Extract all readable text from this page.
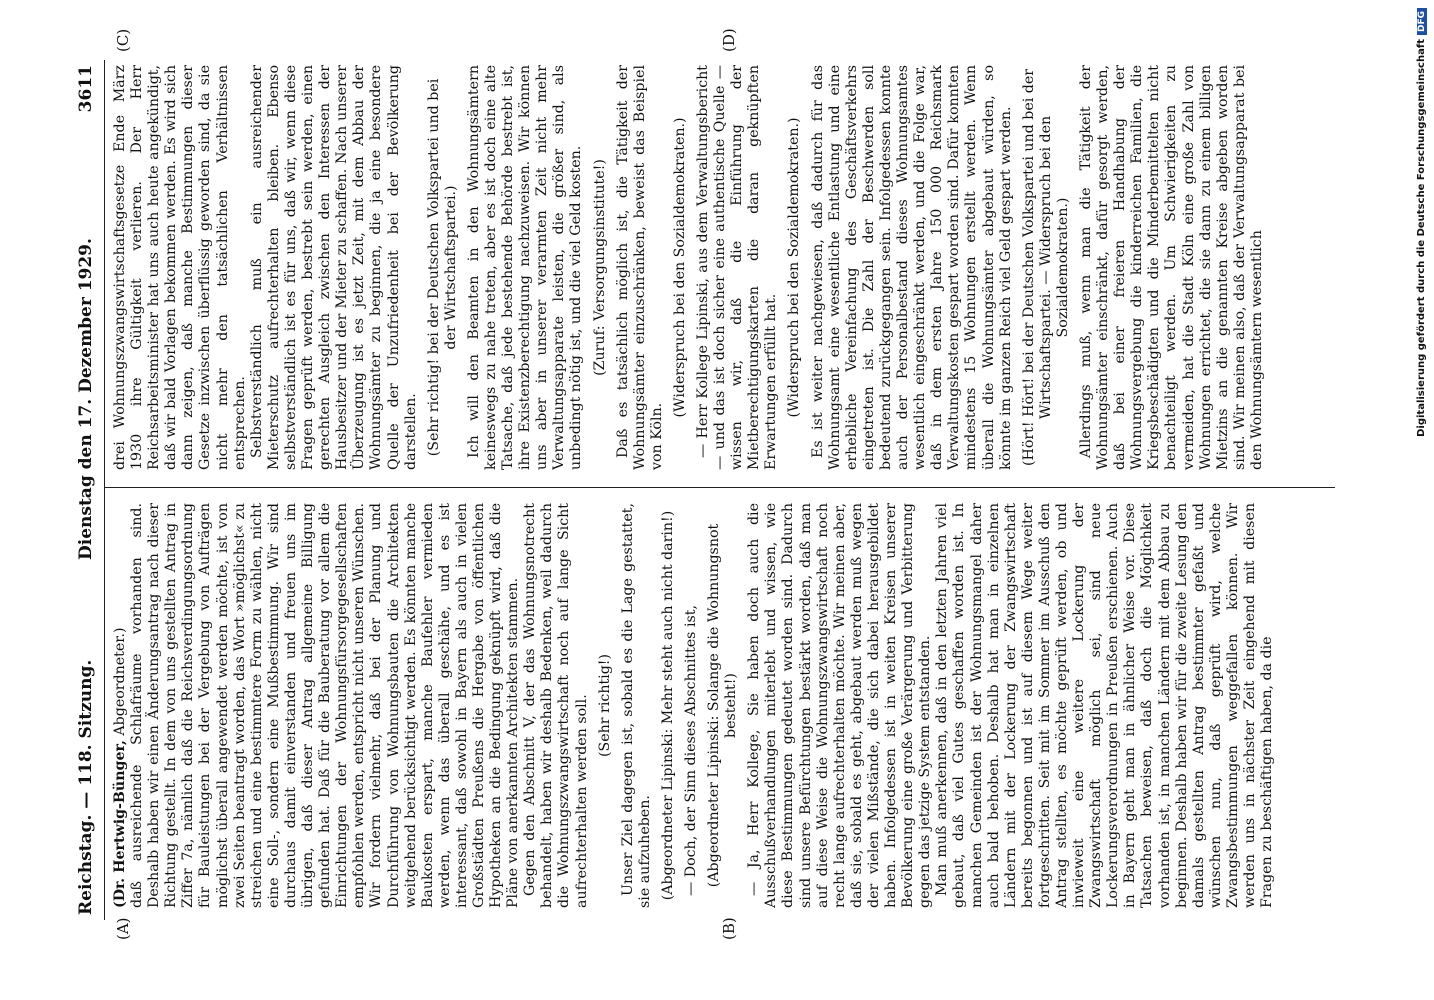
Reichstag. — 118. Sitzung.
Dienstag den 17. Dezember 1929.
3611
(A)	(B)
(C)	(D)

(Dr. Hertwig-Bünger, Abgeordneter.) daß ausreichende Schlafräume vorhanden sind. Deshalb haben wir einen Änderungsantrag nach dieser Richtung gestellt. In dem von uns gestellten Antrag in Ziffer 7a, nämlich daß die Reichsverdingungsordnung für Bauleistungen bei der Vergebung von Aufträgen möglichst überall angewendet werden möchte, ist von zwei Seiten beantragt worden, das Wort »möglichst« zu streichen und eine bestimmtere Form zu wählen, nicht eine Soll-, sondern eine Mußbestimmung. Wir sind durchaus damit einverstanden und freuen uns im übrigen, daß dieser Antrag allgemeine Billigung gefunden hat. Daß für die Bauberatung vor allem die Einrichtungen der Wohnungsfürsorgegesellschaften empfohlen werden, entspricht nicht unseren Wünschen. Wir fordern vielmehr, daß bei der Planung und Durchführung von Wohnungsbauten die Architekten weitgehend berücksichtigt werden. Es könnten manche Baukosten erspart, manche Baufehler vermieden werden, wenn das überall geschähe, und es ist interessant, daß sowohl in Bayern als auch in vielen Großstädten Preußens die Hergabe von öffentlichen Hypotheken an die Bedingung geknüpft wird, daß die Pläne von anerkannten Architekten stammen. Gegen den Abschnitt V, der das Wohnungsnotrecht behandelt, haben wir deshalb Bedenken, weil dadurch die Wohnungszwangswirtschaft noch auf lange Sicht aufrechterhalten werden soll. (Sehr richtig!) Unser Ziel dagegen ist, sobald es die Lage gestattet, sie aufzuheben. (Abgeordneter Lipinski: Mehr steht auch nicht darin!) — Doch, der Sinn dieses Abschnittes ist, (Abgeordneter Lipinski: Solange die Wohnungsnot besteht!) — Ja, Herr Kollege, Sie haben doch auch die Ausschußverhandlungen miterlebt und wissen, wie diese Bestimmungen gedeutet worden sind. Dadurch sind unsere Befürchtungen bestärkt worden, daß man auf diese Weise die Wohnungszwangswirtschaft noch recht lange aufrechterhalten möchte. Wir meinen aber, daß sie, sobald es geht, abgebaut werden muß wegen der vielen Mißstände, die sich dabei herausgebildet haben. Infolgedessen ist in weiten Kreisen unserer Bevölkerung eine große Verärgerung und Verbitterung gegen das jetzige System entstanden. Man muß anerkennen, daß in den letzten Jahren viel gebaut, daß viel Gutes geschaffen worden ist. In manchen Gemeinden ist der Wohnungsmangel daher auch bald behoben. Deshalb hat man in einzelnen Ländern mit der Lockerung der Zwangswirtschaft bereits begonnen und ist auf diesem Wege weiter fortgeschritten. Seit mit im Sommer im Ausschuß den Antrag stellten, es möchte geprüft werden, ob und inwieweit eine weitere Lockerung der Zwangswirtschaft möglich sei, sind neue Lockerungsverordnungen in Preußen erschienen. Auch in Bayern geht man in ähnlicher Weise vor. Diese Tatsachen beweisen, daß doch die Möglichkeit vorhanden ist, in manchen Ländern mit dem Abbau zu beginnen. Deshalb haben wir für die zweite Lesung den damals gestellten Antrag bestimmter gefaßt und wünschen nun, daß geprüft wird, welche Zwangsbestimmungen weggefallen können. Wir werden uns in nächster Zeit eingehend mit diesen Fragen zu beschäftigen haben, da die

drei Wohnungszwangswirtschaftsgesetze Ende März 1930 ihre Gültigkeit verlieren. Der Herr Reichsarbeitsminister hat uns auch heute angekündigt, daß wir bald Vorlagen bekommen werden. Es wird sich dann zeigen, daß manche Bestimmungen dieser Gesetze inzwischen überflüssig geworden sind, da sie nicht mehr den tatsächlichen Verhältnissen entsprechen. Selbstverständlich muß ein ausreichender Mieterschutz aufrechterhalten bleiben. Ebenso selbstverständlich ist es für uns, daß wir, wenn diese Fragen geprüft werden, bestrebt sein werden, einen gerechten Ausgleich zwischen den Interessen der Hausbesitzer und der Mieter zu schaffen. Nach unserer Überzeugung ist es jetzt Zeit, mit dem Abbau der Wohnungsämter zu beginnen, die ja eine besondere Quelle der Unzufriedenheit bei der Bevölkerung darstellen. (Sehr richtig! bei der Deutschen Volkspartei und bei der Wirtschaftspartei.) Ich will den Beamten in den Wohnungsämtern keineswegs zu nahe treten, aber es ist doch eine alte Tatsache, daß jede bestehende Behörde bestrebt ist, ihre Existenzberechtigung nachzuweisen. Wir können uns aber in unserer verarmten Zeit nicht mehr Verwaltungsapparate leisten, die größer sind, als unbedingt nötig ist, und die viel Geld kosten. (Zuruf: Versorgungsinstitute!) Daß es tatsächlich möglich ist, die Tätigkeit der Wohnungsämter einzuschränken, beweist das Beispiel von Köln.

(Widerspruch bei den Sozialdemokraten.) — Herr Kollege Lipinski, aus dem Verwaltungsbericht — und das ist doch sicher eine authentische Quelle — wissen wir, daß die Einführung der Mietberechtigungskarten die daran geknüpften Erwartungen erfüllt hat. (Widerspruch bei den Sozialdemokraten.) Es ist weiter nachgewiesen, daß dadurch für das Wohnungsamt eine wesentliche Entlastung und eine erhebliche Vereinfachung des Geschäftsverkehrs eingetreten ist. Die Zahl der Beschwerden soll bedeutend zurückgegangen sein. Infolgedessen konnte auch der Personalbestand dieses Wohnungsamtes wesentlich eingeschränkt werden, und die Folge war, daß in dem ersten Jahre 150 000 Reichsmark Verwaltungskosten gespart worden sind. Dafür konnten mindestens 15 Wohnungen erstellt werden. Wenn überall die Wohnungsämter abgebaut würden, so könnte im ganzen Reich viel Geld gespart werden. (Hört! Hört! bei der Deutschen Volkspartei und bei der Wirtschaftspartei. — Widerspruch bei den Sozialdemokraten.) Allerdings muß, wenn man die Tätigkeit der Wohnungsämter einschränkt, dafür gesorgt werden, daß bei einer freieren Handhabung der Wohnungsvergebung die kinderreichen Familien, die Kriegsbeschädigten und die Minderbemittelten nicht benachteiligt werden. Um Schwierigkeiten zu vermeiden, hat die Stadt Köln eine große Zahl von Wohnungen errichtet, die sie dann zu einem billigen Mietzins an die genannten Kreise abgeben worden sind. Wir meinen also, daß der Verwaltungsapparat bei den Wohnungsämtern wesentlich	Digitalisierung gefördert durch die Deutsche ForschungsgemeinschaftDFG
